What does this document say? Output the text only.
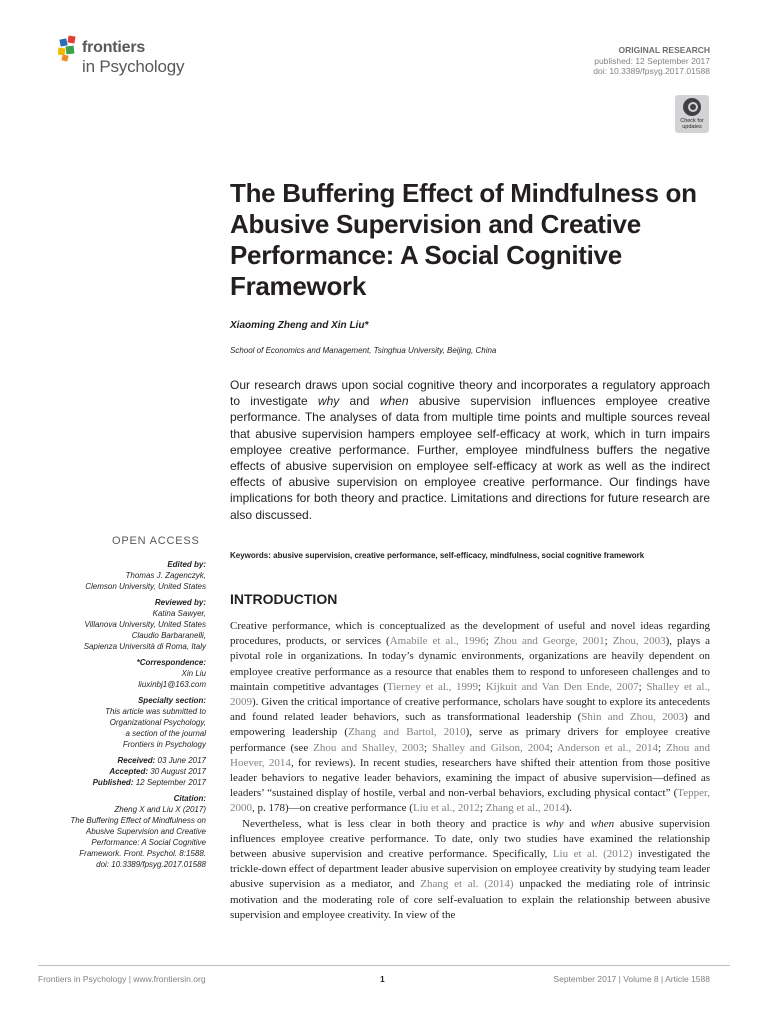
frontiers
in Psychology
ORIGINAL RESEARCH
published: 12 September 2017
doi: 10.3389/fpsyg.2017.01588
Check for
updates
The Buffering Effect of Mindfulness on Abusive Supervision and Creative Performance: A Social Cognitive Framework
Xiaoming Zheng and Xin Liu*
School of Economics and Management, Tsinghua University, Beijing, China

Our research draws upon social cognitive theory and incorporates a regulatory approach to investigate why and when abusive supervision influences employee creative performance. The analyses of data from multiple time points and multiple sources reveal that abusive supervision hampers employee self-efficacy at work, which in turn impairs employee creative performance. Further, employee mindfulness buffers the negative effects of abusive supervision on employee self-efficacy at work as well as the indirect effects of abusive supervision on employee creative performance. Our findings have implications for both theory and practice. Limitations and directions for future research are also discussed.

Keywords: abusive supervision, creative performance, self-efficacy, mindfulness, social cognitive framework
INTRODUCTION

Creative performance, which is conceptualized as the development of useful and novel ideas regarding procedures, products, or services (Amabile et al., 1996; Zhou and George, 2001; Zhou, 2003), plays a pivotal role in organizations. In today’s dynamic environments, organizations are heavily dependent on employee creative performance as a resource that enables them to respond to unforeseen challenges and to maintain competitive advantages (Tierney et al., 1999; Kijkuit and Van Den Ende, 2007; Shalley et al., 2009). Given the critical importance of creative performance, scholars have sought to explore its antecedents and found related leader behaviors, such as transformational leadership (Shin and Zhou, 2003) and empowering leadership (Zhang and Bartol, 2010), serve as primary drivers for employee creative performance (see Zhou and Shalley, 2003; Shalley and Gilson, 2004; Anderson et al., 2014; Zhou and Hoever, 2014, for reviews). In recent studies, researchers have shifted their attention from those positive leader behaviors to negative leader behaviors, examining the impact of abusive supervision—defined as leaders’ “sustained display of hostile, verbal and non-verbal behaviors, excluding physical contact” (Tepper, 2000, p. 178)—on creative performance (Liu et al., 2012; Zhang et al., 2014).

Nevertheless, what is less clear in both theory and practice is why and when abusive supervision influences employee creative performance. To date, only two studies have examined the relationship between abusive supervision and creative performance. Specifically, Liu et al. (2012) investigated the trickle-down effect of department leader abusive supervision on employee creativity by studying team leader abusive supervision as a mediator, and Zhang et al. (2014) unpacked the mediating role of intrinsic motivation and the moderating role of core self-evaluation to explain the relationship between abusive supervision and employee creativity. In view of the

OPEN ACCESS
Edited by:
Thomas J. Zagenczyk,
Clemson University, United States
Reviewed by:
Katina Sawyer,
Villanova University, United States
Claudio Barbaranelli,
Sapienza Università di Roma, Italy
*Correspondence:
Xin Liu
liuxinbj1@163.com
Specialty section:
This article was submitted to
Organizational Psychology,
a section of the journal
Frontiers in Psychology
Received: 03 June 2017
Accepted: 30 August 2017
Published: 12 September 2017
Citation:
Zheng X and Liu X (2017)
The Buffering Effect of Mindfulness on
Abusive Supervision and Creative
Performance: A Social Cognitive
Framework. Front. Psychol. 8:1588.
doi: 10.3389/fpsyg.2017.01588
Frontiers in Psychology | www.frontiersin.org	1	September 2017 | Volume 8 | Article 1588
